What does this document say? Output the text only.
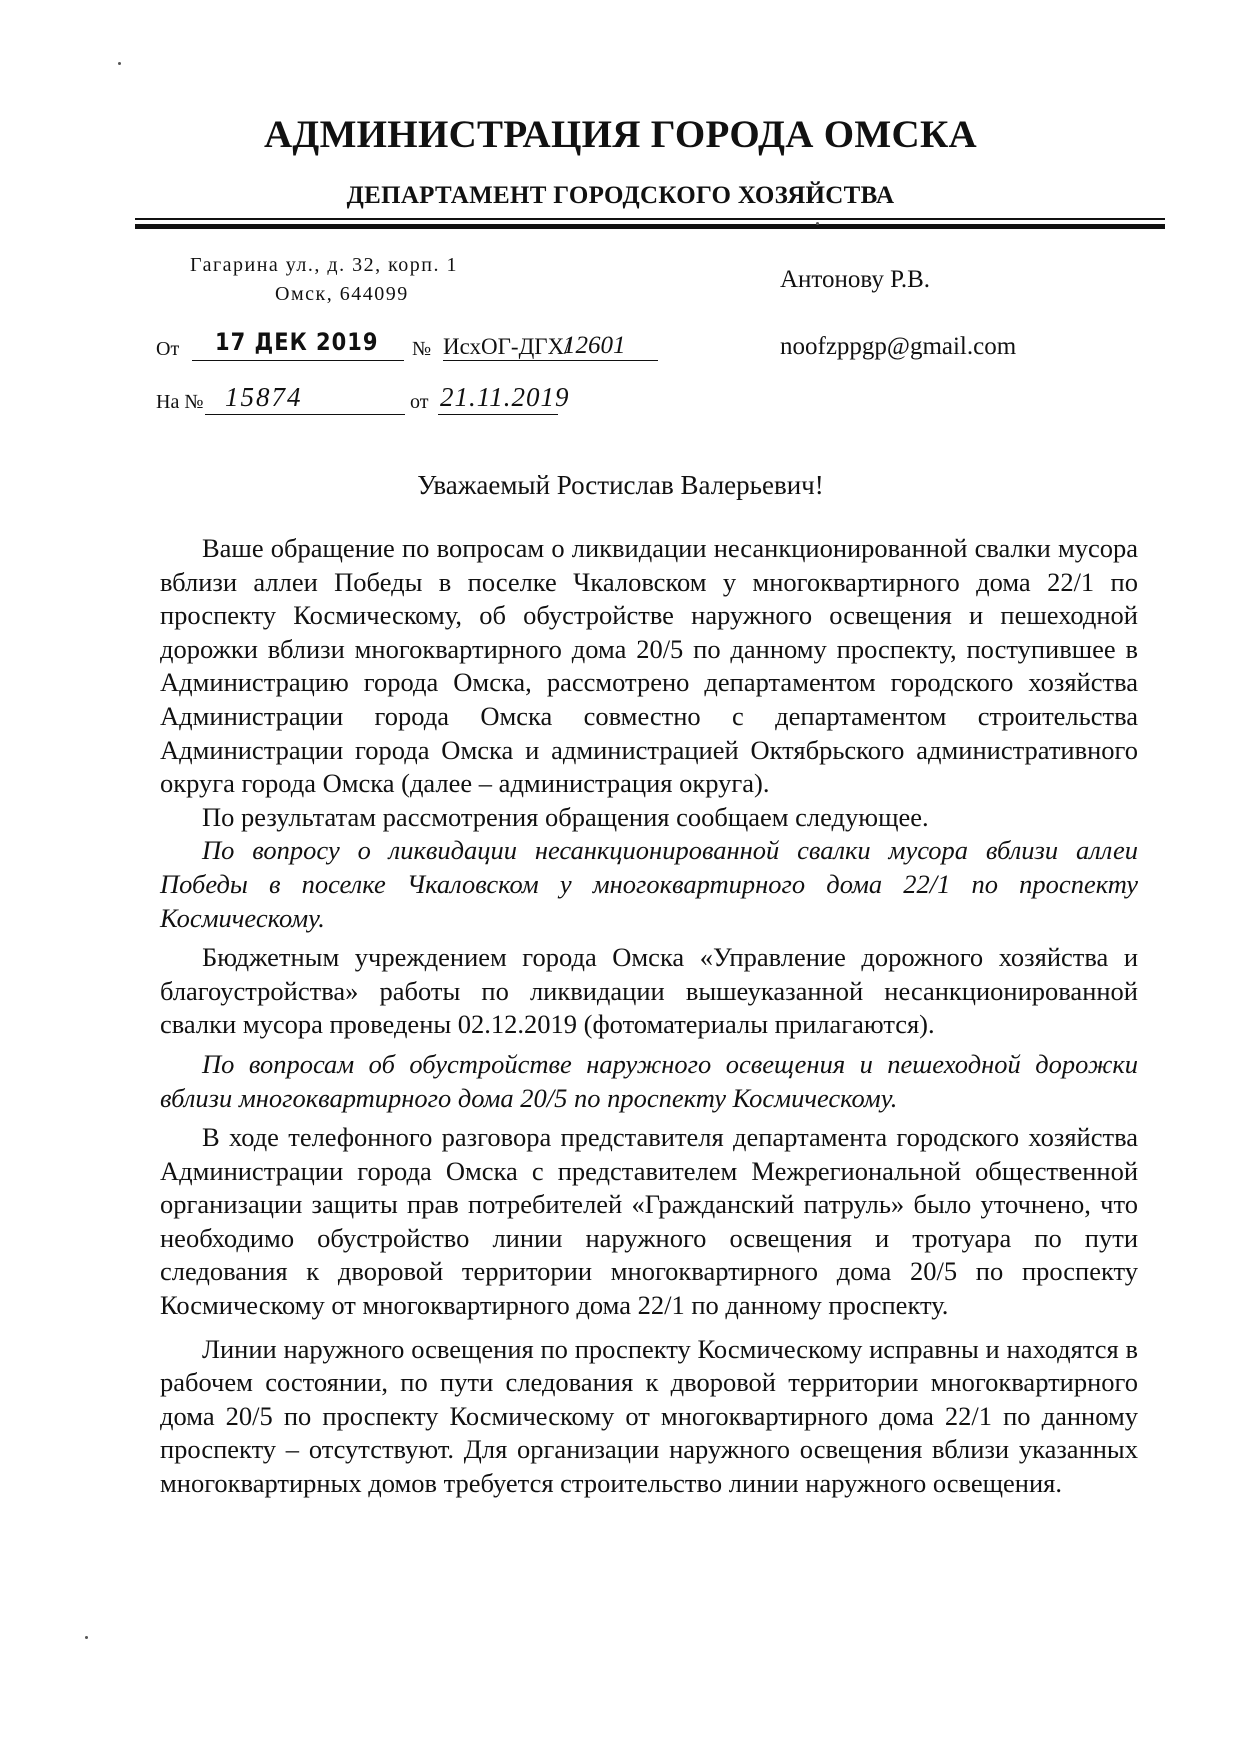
АДМИНИСТРАЦИЯ ГОРОДА ОМСКА
ДЕПАРТАМЕНТ ГОРОДСКОГО ХОЗЯЙСТВА
Гагарина ул., д. 32, корп. 1
Омск, 644099
Антонову Р.В.
noofzppgp@gmail.com
От 17 ДЕК 2019 № ИсхОГ-ДГХ/
12601
На № 15874	от 21.11.2019
Уважаемый Ростислав Валерьевич!

Ваше обращение по вопросам о ликвидации несанкционированной свалки мусора вблизи аллеи Победы в поселке Чкаловском у многоквартирного дома 22/1 по проспекту Космическому, об обустройстве наружного освещения и пешеходной дорожки вблизи многоквартирного дома 20/5 по данному проспекту, поступившее в Администрацию города Омска, рассмотрено департаментом городского хозяйства Администрации города Омска совместно с департаментом строительства Администрации города Омска и администрацией Октябрьского административного округа города Омска (далее – администрация округа).

По результатам рассмотрения обращения сообщаем следующее.

По вопросу о ликвидации несанкционированной свалки мусора вблизи аллеи Победы в поселке Чкаловском у многоквартирного дома 22/1 по проспекту Космическому.

Бюджетным учреждением города Омска «Управление дорожного хозяйства и благоустройства» работы по ликвидации вышеуказанной несанкционированной свалки мусора проведены 02.12.2019 (фотоматериалы прилагаются).

По вопросам об обустройстве наружного освещения и пешеходной дорожки вблизи многоквартирного дома 20/5 по проспекту Космическому.

В ходе телефонного разговора представителя департамента городского хозяйства Администрации города Омска с представителем Межрегиональной общественной организации защиты прав потребителей «Гражданский патруль» было уточнено, что необходимо обустройство линии наружного освещения и тротуара по пути следования к дворовой территории многоквартирного дома 20/5 по проспекту Космическому от многоквартирного дома 22/1 по данному проспекту.

Линии наружного освещения по проспекту Космическому исправны и находятся в рабочем состоянии, по пути следования к дворовой территории многоквартирного дома 20/5 по проспекту Космическому от многоквартирного дома 22/1 по данному проспекту – отсутствуют. Для организации наружного освещения вблизи указанных многоквартирных домов требуется строительство линии наружного освещения.
